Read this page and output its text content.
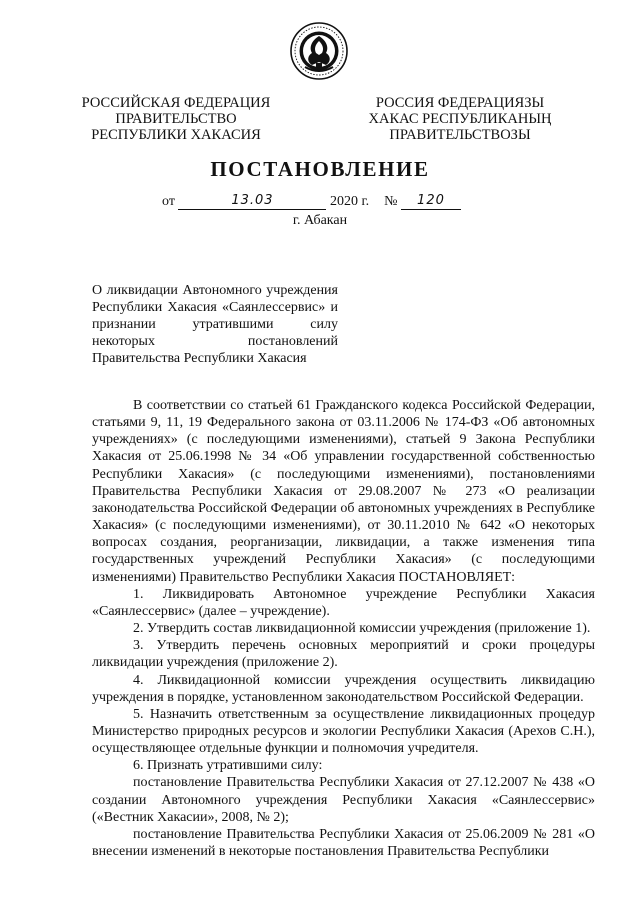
РОССИЙСКАЯ ФЕДЕРАЦИЯ
ПРАВИТЕЛЬСТВО
РЕСПУБЛИКИ ХАКАСИЯ
РОССИЯ ФЕДЕРАЦИЯЗЫ
ХАКАС РЕСПУБЛИКАНЫҢ
ПРАВИТЕЛЬСТВОЗЫ
ПОСТАНОВЛЕНИЕ
от	13.03	2020 г. № 120
г. Абакан
О ликвидации Автономного учреждения
Республики Хакасия «Саянлессервис» и
признании утратившими силу
некоторых постановлений
Правительства Республики Хакасия

В соответствии со статьей 61 Гражданского кодекса Российской Федерации, статьями 9, 11, 19 Федерального закона от 03.11.2006 № 174-ФЗ «Об автономных учреждениях» (с последующими изменениями), статьей 9 Закона Республики Хакасия от 25.06.1998 № 34 «Об управлении государственной собственностью Республики Хакасия» (с последующими изменениями), постановлениями Правительства Республики Хакасия от 29.08.2007 № 273 «О реализации законодательства Российской Федерации об автономных учреждениях в Республике Хакасия» (с последующими изменениями), от 30.11.2010 № 642 «О некоторых вопросах создания, реорганизации, ликвидации, а также изменения типа государственных учреждений Республики Хакасия» (с последующими изменениями) Правительство Республики Хакасия ПОСТАНОВЛЯЕТ:

1. Ликвидировать Автономное учреждение Республики Хакасия «Саянлессервис» (далее – учреждение).

2. Утвердить состав ликвидационной комиссии учреждения (приложение 1).

3. Утвердить перечень основных мероприятий и сроки процедуры ликвидации учреждения (приложение 2).

4. Ликвидационной комиссии учреждения осуществить ликвидацию учреждения в порядке, установленном законодательством Российской Федерации.

5. Назначить ответственным за осуществление ликвидационных процедур Министерство природных ресурсов и экологии Республики Хакасия (Арехов С.Н.), осуществляющее отдельные функции и полномочия учредителя.

6. Признать утратившими силу:

постановление Правительства Республики Хакасия от 27.12.2007 № 438 «О создании Автономного учреждения Республики Хакасия «Саянлессервис» («Вестник Хакасии», 2008, № 2);

постановление Правительства Республики Хакасия от 25.06.2009 № 281 «О внесении изменений в некоторые постановления Правительства Республики
